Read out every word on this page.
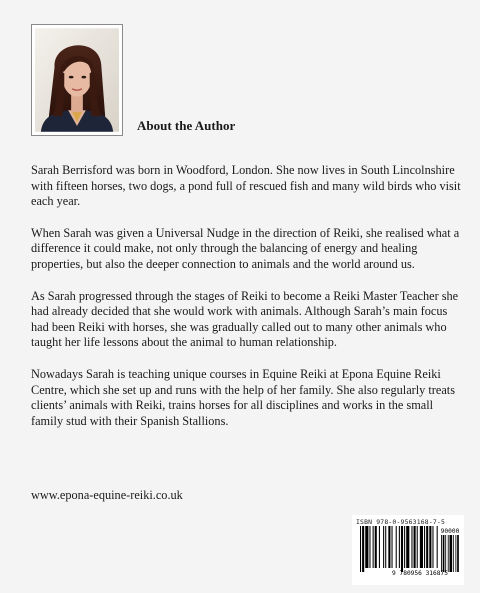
About the Author

Sarah Berrisford was born in Woodford, London. She now lives in South Lincolnshire with fifteen horses, two dogs, a pond full of rescued fish and many wild birds who visit each year.

When Sarah was given a Universal Nudge in the direction of Reiki, she realised what a difference it could make, not only through the balancing of energy and healing properties, but also the deeper connection to animals and the world around us.

As Sarah progressed through the stages of Reiki to become a Reiki Master Teacher she had already decided that she would work with animals. Although Sarah’s main focus had been Reiki with horses, she was gradually called out to many other animals who taught her life lessons about the animal to human relationship.

Nowadays Sarah is teaching unique courses in Equine Reiki at Epona Equine Reiki Centre, which she set up and runs with the help of her family. She also regularly treats clients’ animals with Reiki, trains horses for all disciplines and works in the small family stud with their Spanish Stallions.

www.epona-equine-reiki.co.uk

ISBN 978-0-9563168-7-5
9 780956 316875
90000
